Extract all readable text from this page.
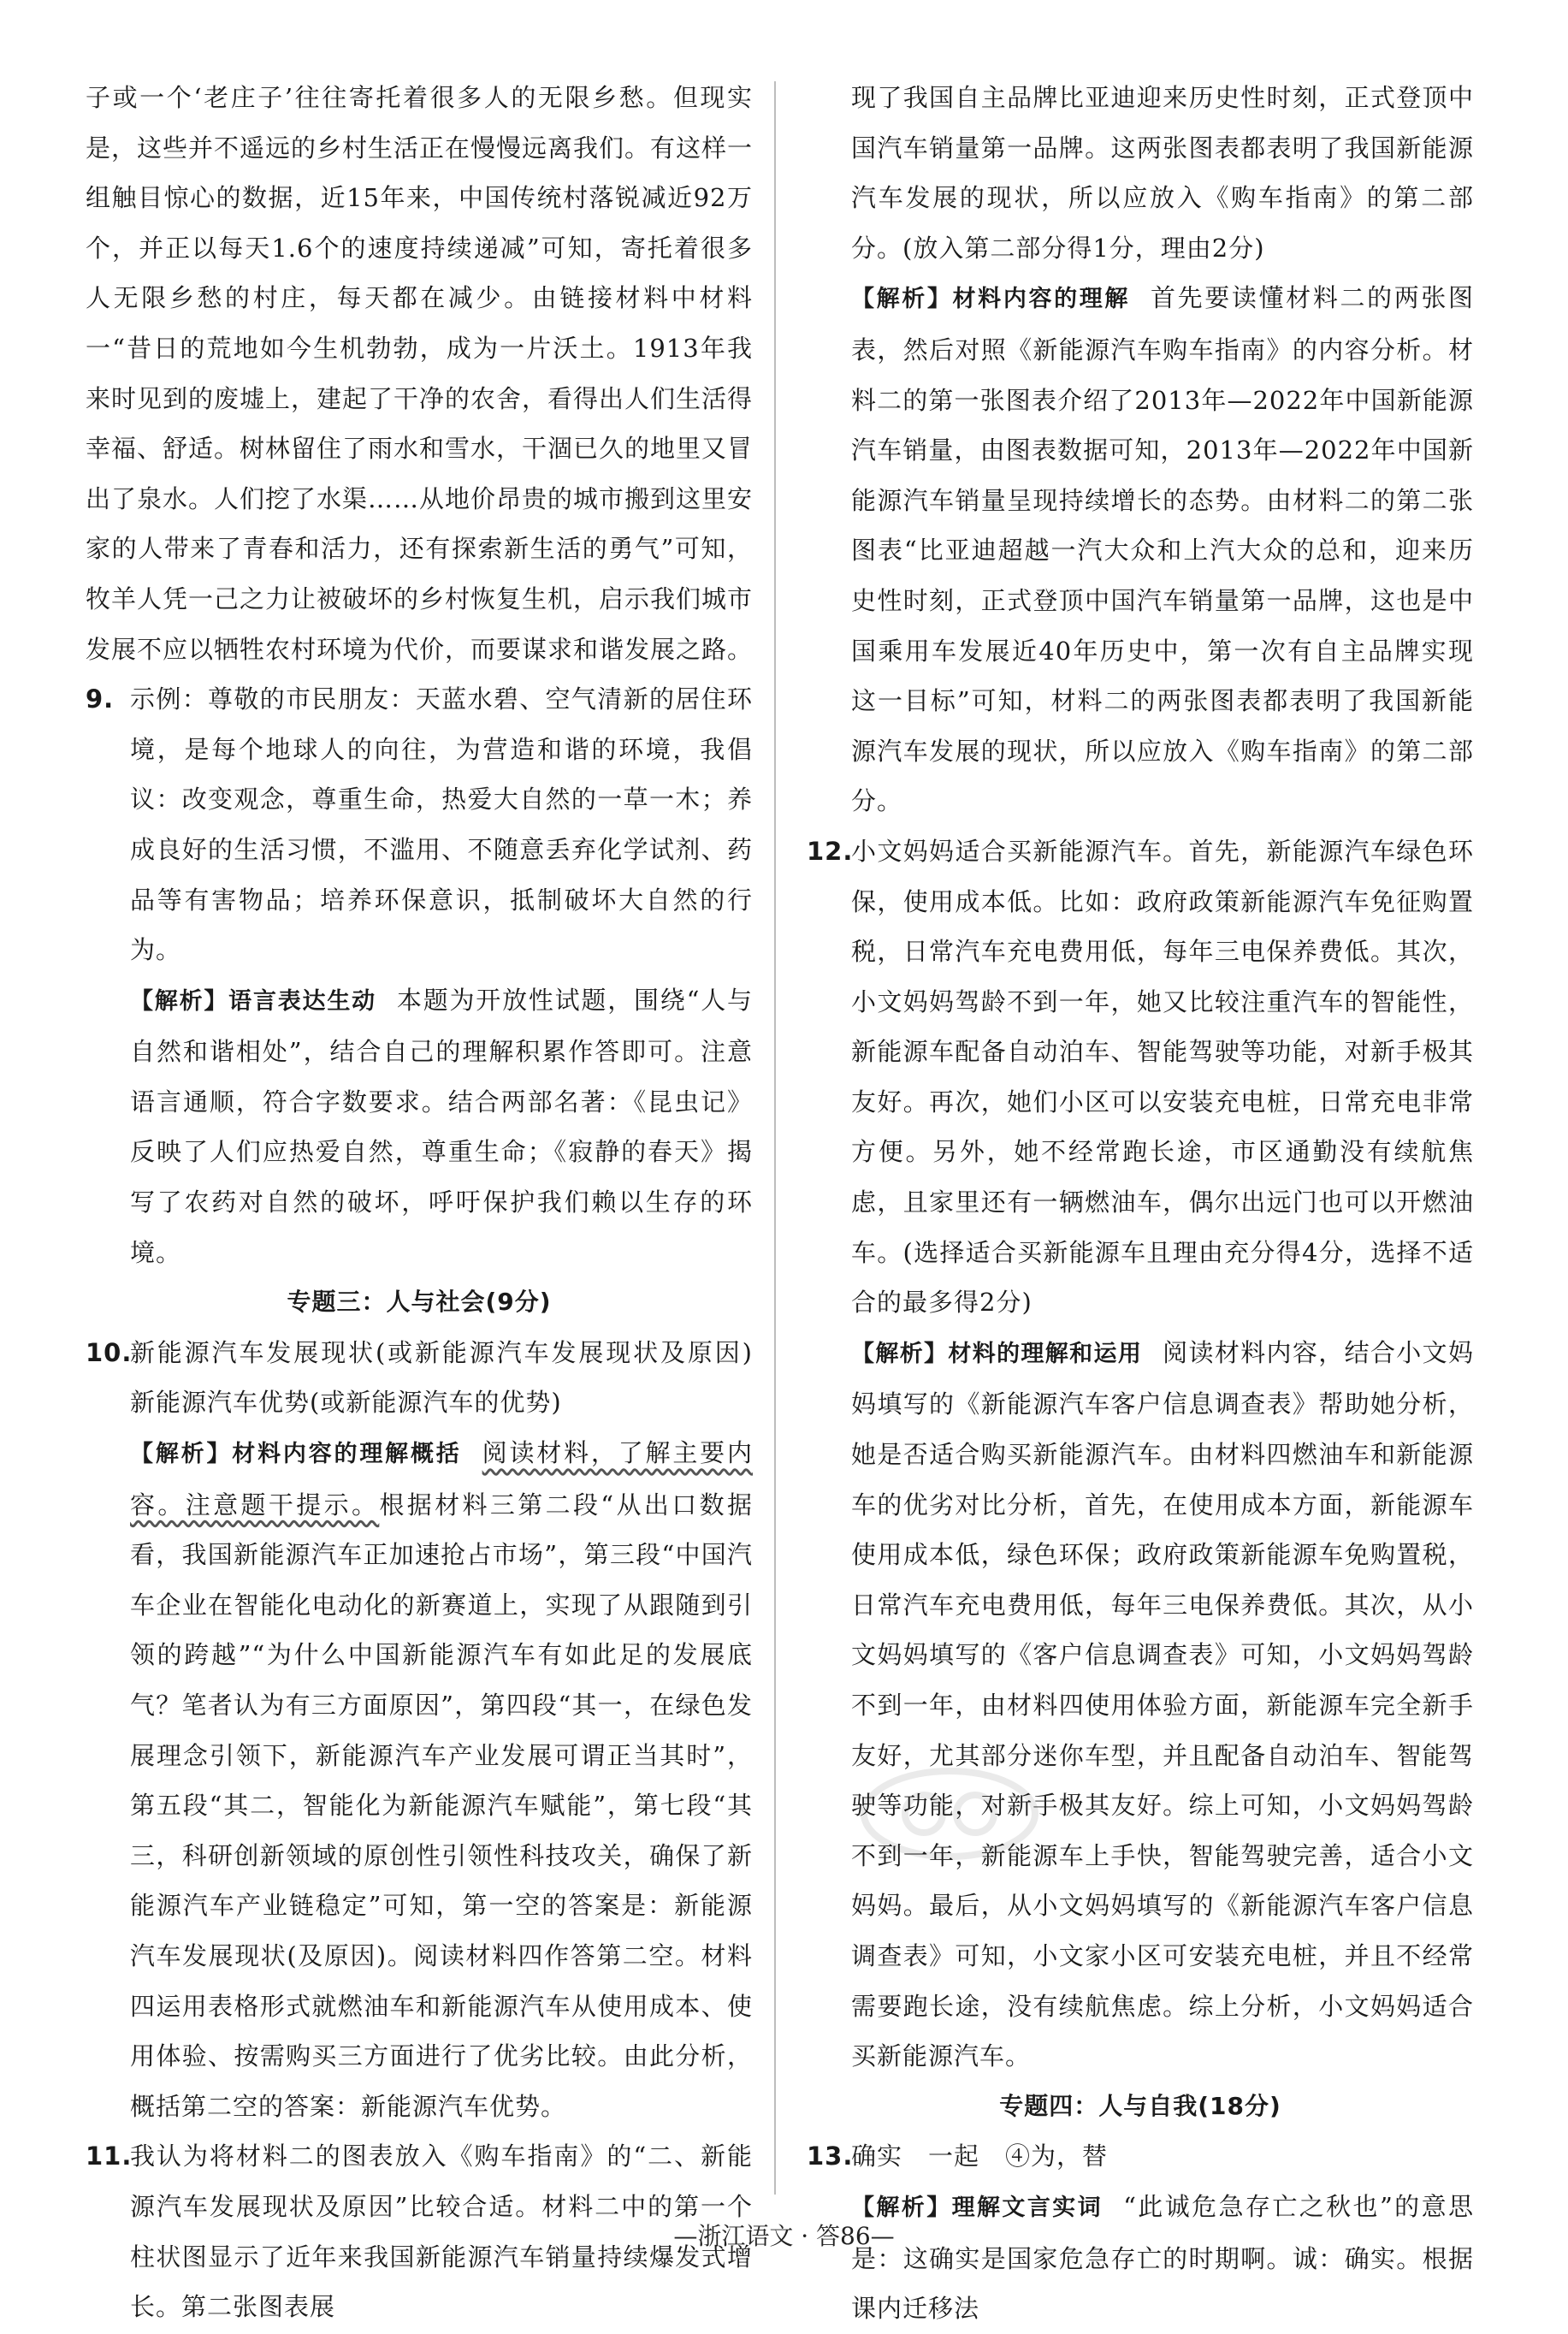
子或一个‘老庄子’往往寄托着很多人的无限乡愁。但现实是，这些并不遥远的乡村生活正在慢慢远离我们。有这样一组触目惊心的数据，近15年来，中国传统村落锐减近92万个，并正以每天1.6个的速度持续递减”可知，寄托着很多人无限乡愁的村庄，每天都在减少。由链接材料中材料一“昔日的荒地如今生机勃勃，成为一片沃土。1913年我来时见到的废墟上，建起了干净的农舍，看得出人们生活得幸福、舒适。树林留住了雨水和雪水，干涸已久的地里又冒出了泉水。人们挖了水渠……从地价昂贵的城市搬到这里安家的人带来了青春和活力，还有探索新生活的勇气”可知，牧羊人凭一己之力让被破坏的乡村恢复生机，启示我们城市发展不应以牺牲农村环境为代价，而要谋求和谐发展之路。

9. 示例：尊敬的市民朋友：天蓝水碧、空气清新的居住环境，是每个地球人的向往，为营造和谐的环境，我倡议：改变观念，尊重生命，热爱大自然的一草一木；养成良好的生活习惯，不滥用、不随意丢弃化学试剂、药品等有害物品；培养环保意识，抵制破坏大自然的行为。

【解析】语言表达生动 本题为开放性试题，围绕“人与自然和谐相处”，结合自己的理解积累作答即可。注意语言通顺，符合字数要求。结合两部名著：《昆虫记》反映了人们应热爱自然，尊重生命；《寂静的春天》揭写了农药对自然的破坏，呼吁保护我们赖以生存的环境。

专题三：人与社会(9分)

10.

新能源汽车发展现状(或新能源汽车发展现状及原因)　新能源汽车优势(或新能源汽车的优势)

【解析】材料内容的理解概括 阅读材料，了解主要内容。注意题干提示。根据材料三第二段“从出口数据看，我国新能源汽车正加速抢占市场”，第三段“中国汽车企业在智能化电动化的新赛道上，实现了从跟随到引领的跨越”“为什么中国新能源汽车有如此足的发展底气？笔者认为有三方面原因”，第四段“其一，在绿色发展理念引领下，新能源汽车产业发展可谓正当其时”，第五段“其二，智能化为新能源汽车赋能”，第七段“其三，科研创新领域的原创性引领性科技攻关，确保了新能源汽车产业链稳定”可知，第一空的答案是：新能源汽车发展现状(及原因)。阅读材料四作答第二空。材料四运用表格形式就燃油车和新能源汽车从使用成本、使用体验、按需购买三方面进行了优劣比较。由此分析，概括第二空的答案：新能源汽车优势。

11.

我认为将材料二的图表放入《购车指南》的“二、新能源汽车发展现状及原因”比较合适。材料二中的第一个柱状图显示了近年来我国新能源汽车销量持续爆发式增长。第二张图表展

现了我国自主品牌比亚迪迎来历史性时刻，正式登顶中国汽车销量第一品牌。这两张图表都表明了我国新能源汽车发展的现状，所以应放入《购车指南》的第二部分。(放入第二部分得1分，理由2分)

【解析】材料内容的理解 首先要读懂材料二的两张图表，然后对照《新能源汽车购车指南》的内容分析。材料二的第一张图表介绍了2013年—2022年中国新能源汽车销量，由图表数据可知，2013年—2022年中国新能源汽车销量呈现持续增长的态势。由材料二的第二张图表“比亚迪超越一汽大众和上汽大众的总和，迎来历史性时刻，正式登顶中国汽车销量第一品牌，这也是中国乘用车发展近40年历史中，第一次有自主品牌实现这一目标”可知，材料二的两张图表都表明了我国新能源汽车发展的现状，所以应放入《购车指南》的第二部分。

12.

小文妈妈适合买新能源汽车。首先，新能源汽车绿色环保，使用成本低。比如：政府政策新能源汽车免征购置税，日常汽车充电费用低，每年三电保养费低。其次，小文妈妈驾龄不到一年，她又比较注重汽车的智能性，新能源车配备自动泊车、智能驾驶等功能，对新手极其友好。再次，她们小区可以安装充电桩，日常充电非常方便。另外，她不经常跑长途，市区通勤没有续航焦虑，且家里还有一辆燃油车，偶尔出远门也可以开燃油车。(选择适合买新能源车且理由充分得4分，选择不适合的最多得2分)

【解析】材料的理解和运用 阅读材料内容，结合小文妈妈填写的《新能源汽车客户信息调查表》帮助她分析，她是否适合购买新能源汽车。由材料四燃油车和新能源车的优劣对比分析，首先，在使用成本方面，新能源车使用成本低，绿色环保；政府政策新能源车免购置税，日常汽车充电费用低，每年三电保养费低。其次，从小文妈妈填写的《客户信息调查表》可知，小文妈妈驾龄不到一年，由材料四使用体验方面，新能源车完全新手友好，尤其部分迷你车型，并且配备自动泊车、智能驾驶等功能，对新手极其友好。综上可知，小文妈妈驾龄不到一年，新能源车上手快，智能驾驶完善，适合小文妈妈。最后，从小文妈妈填写的《新能源汽车客户信息调查表》可知，小文家小区可安装充电桩，并且不经常需要跑长途，没有续航焦虑。综上分析，小文妈妈适合买新能源汽车。

专题四：人与自我(18分)

13.

确实　一起　④为，替

【解析】理解文言实词 “此诚危急存亡之秋也”的意思是：这确实是国家危急存亡的时期啊。诚：确实。根据课内迁移法

—浙江语文 · 答86—
